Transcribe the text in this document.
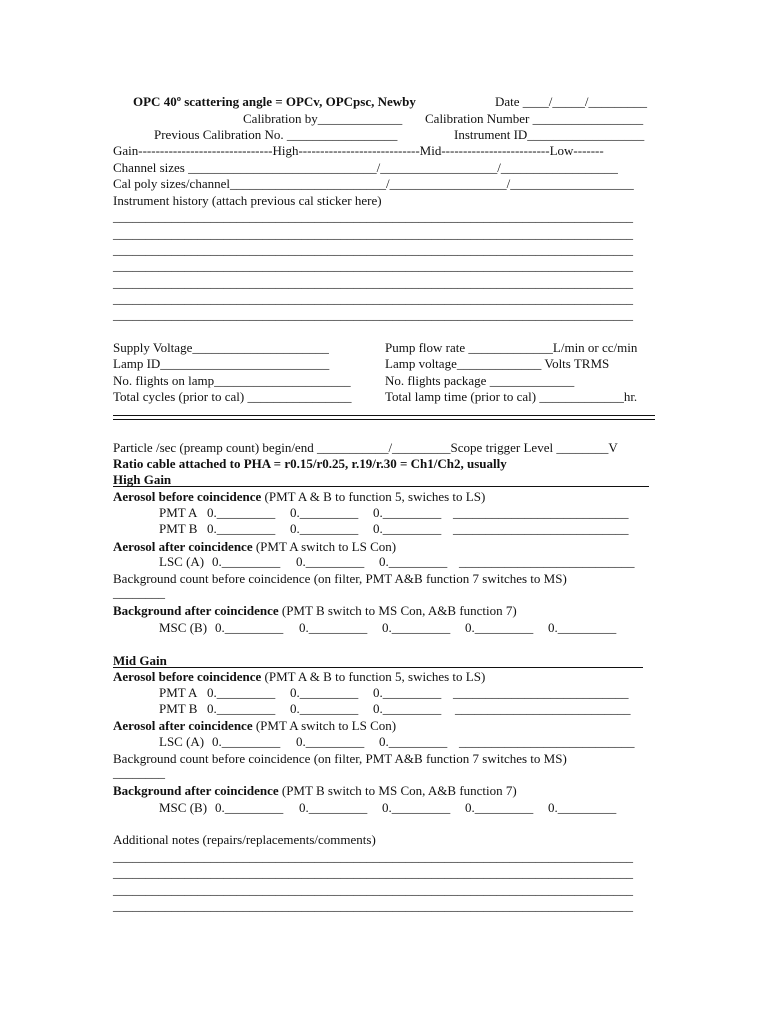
OPC 40º scattering angle = OPCv, OPCpsc, Newby	Date ____/_____/_________
Calibration by_____________ Calibration Number _________________
Previous Calibration No. _________________	Instrument ID__________________
Gain-------------------------------High----------------------------Mid-------------------------Low-------
Channel sizes _____________________________/__________________/__________________
Cal poly sizes/channel________________________/__________________/___________________
Instrument history (attach previous cal sticker here)
________________________________________________________________________________
________________________________________________________________________________
________________________________________________________________________________
________________________________________________________________________________
________________________________________________________________________________
________________________________________________________________________________
________________________________________________________________________________
Supply Voltage_____________________
Lamp ID__________________________
No. flights on lamp_____________________
Total cycles (prior to cal) ________________
Pump flow rate _____________L/min or cc/min
Lamp voltage_____________ Volts TRMS
No. flights package _____________
Total lamp time (prior to cal) _____________hr.
Particle /sec (preamp count) begin/end ___________/_________Scope trigger Level ________V
Ratio cable attached to PHA = r0.15/r0.25, r.19/r.30 = Ch1/Ch2, usually
High Gain
Aerosol before coincidence (PMT A & B to function 5, swiches to LS)
PMT A 0._________ 0._________ 0._________ ___________________________
PMT B 0._________ 0._________ 0._________ ___________________________
Aerosol after coincidence (PMT A switch to LS Con)
LSC (A) 0._________ 0._________ 0._________ ___________________________
Background count before coincidence (on filter, PMT A&B function 7 switches to MS)
________
Background after coincidence (PMT B switch to MS Con, A&B function 7)
MSC (B) 0._________ 0._________ 0._________ 0._________ 0._________
Mid Gain
Aerosol before coincidence (PMT A & B to function 5, swiches to LS)
PMT A 0._________ 0._________ 0._________ ___________________________
PMT B 0._________ 0._________ 0._________ ___________________________
Aerosol after coincidence (PMT A switch to LS Con)
LSC (A) 0._________ 0._________ 0._________ ___________________________
Background count before coincidence (on filter, PMT A&B function 7 switches to MS)
________
Background after coincidence (PMT B switch to MS Con, A&B function 7)
MSC (B) 0._________ 0._________ 0._________ 0._________ 0._________
Additional notes (repairs/replacements/comments)
________________________________________________________________________________
________________________________________________________________________________
________________________________________________________________________________
________________________________________________________________________________
